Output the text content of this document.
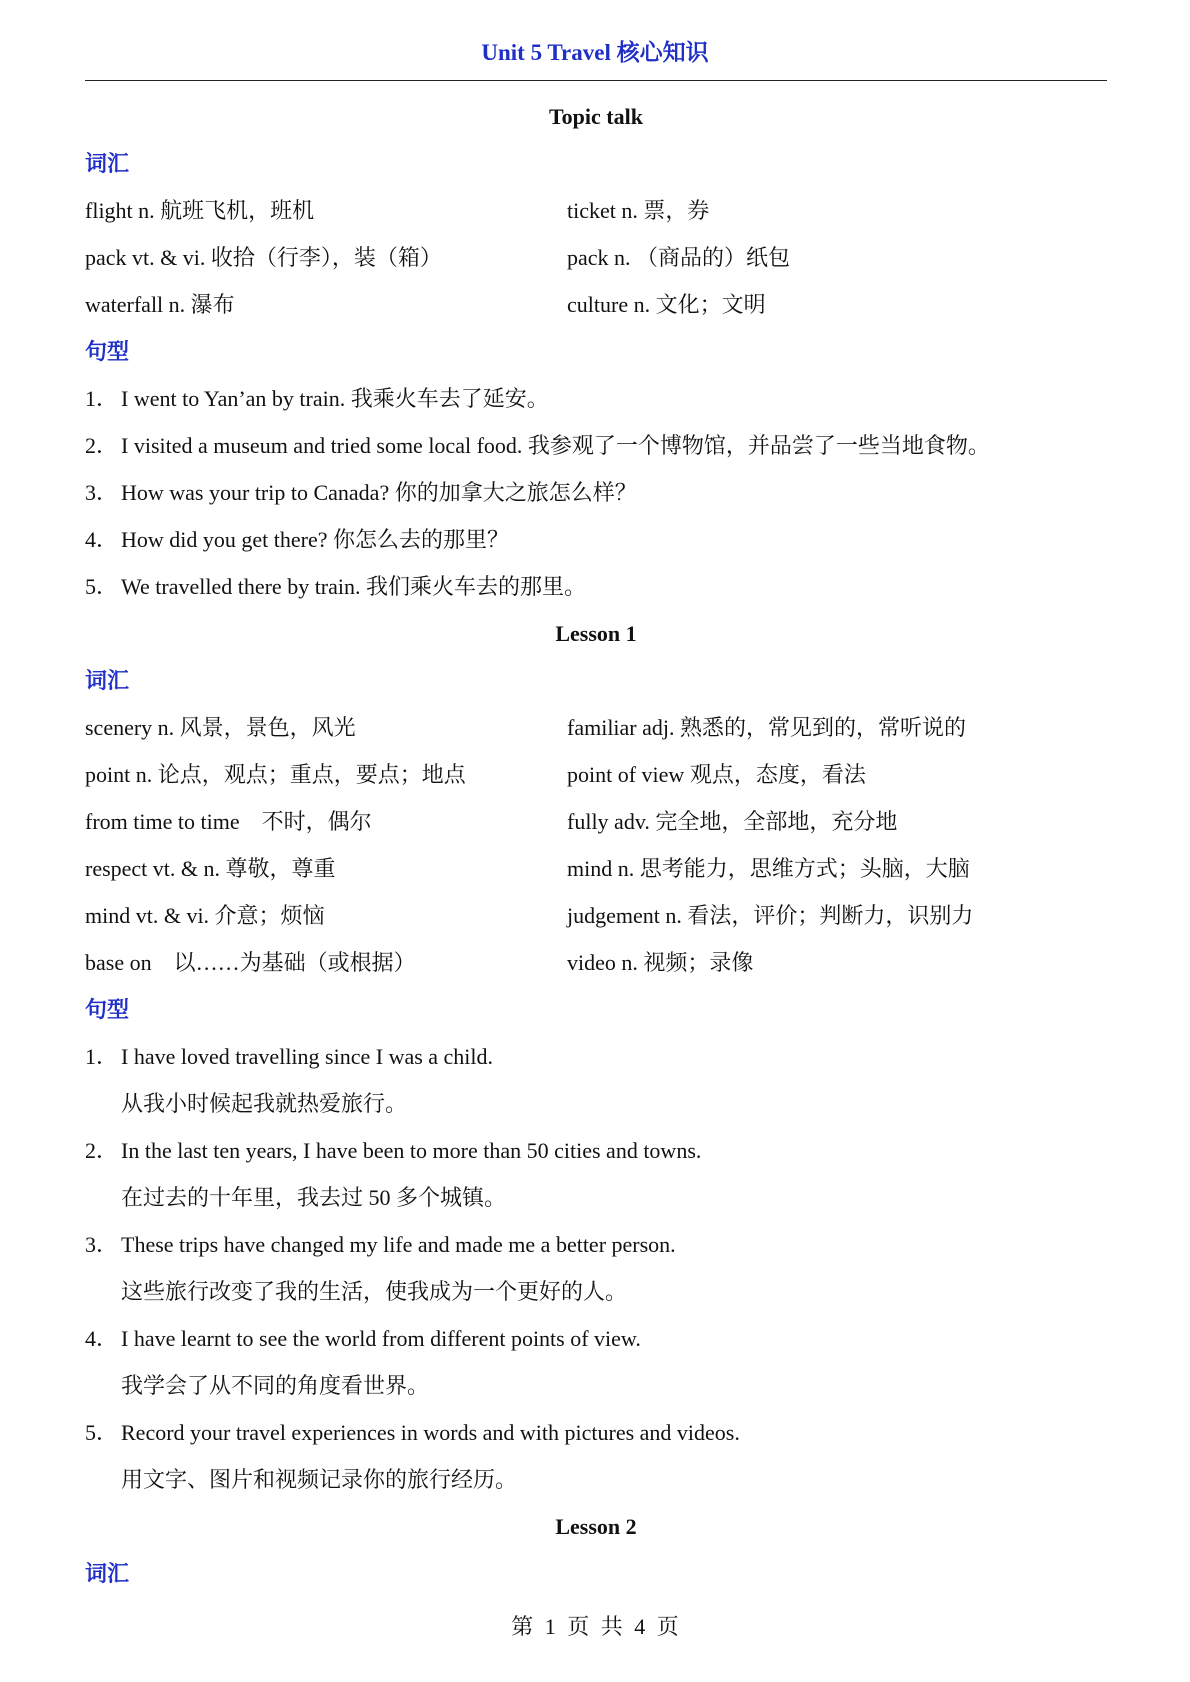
Unit 5 Travel 核心知识
Topic talk
词汇
flight n. 航班飞机，班机	ticket n. 票，券
pack vt. & vi. 收拾（行李），装（箱）	pack n. （商品的）纸包
waterfall n. 瀑布	culture n. 文化；文明
句型
1． I went to Yan’an by train. 我乘火车去了延安。
2． I visited a museum and tried some local food. 我参观了一个博物馆，并品尝了一些当地食物。
3． How was your trip to Canada? 你的加拿大之旅怎么样？
4． How did you get there? 你怎么去的那里？
5． We travelled there by train. 我们乘火车去的那里。
Lesson 1
词汇
scenery n. 风景，景色，风光	familiar adj. 熟悉的，常见到的，常听说的
point n. 论点，观点；重点，要点；地点	point of view 观点，态度，看法
from time to time　不时，偶尔	fully adv. 完全地，全部地，充分地
respect vt. & n. 尊敬，尊重	mind n. 思考能力，思维方式；头脑，大脑
mind vt. & vi. 介意；烦恼	judgement n. 看法，评价；判断力，识别力
base on　以……为基础（或根据）	video n. 视频；录像
句型
1． I have loved travelling since I was a child.
从我小时候起我就热爱旅行。
2． In the last ten years, I have been to more than 50 cities and towns.
在过去的十年里，我去过 50 多个城镇。
3． These trips have changed my life and made me a better person.
这些旅行改变了我的生活，使我成为一个更好的人。
4． I have learnt to see the world from different points of view.
我学会了从不同的角度看世界。
5． Record your travel experiences in words and with pictures and videos.
用文字、图片和视频记录你的旅行经历。
Lesson 2
词汇
第 1 页 共 4 页
